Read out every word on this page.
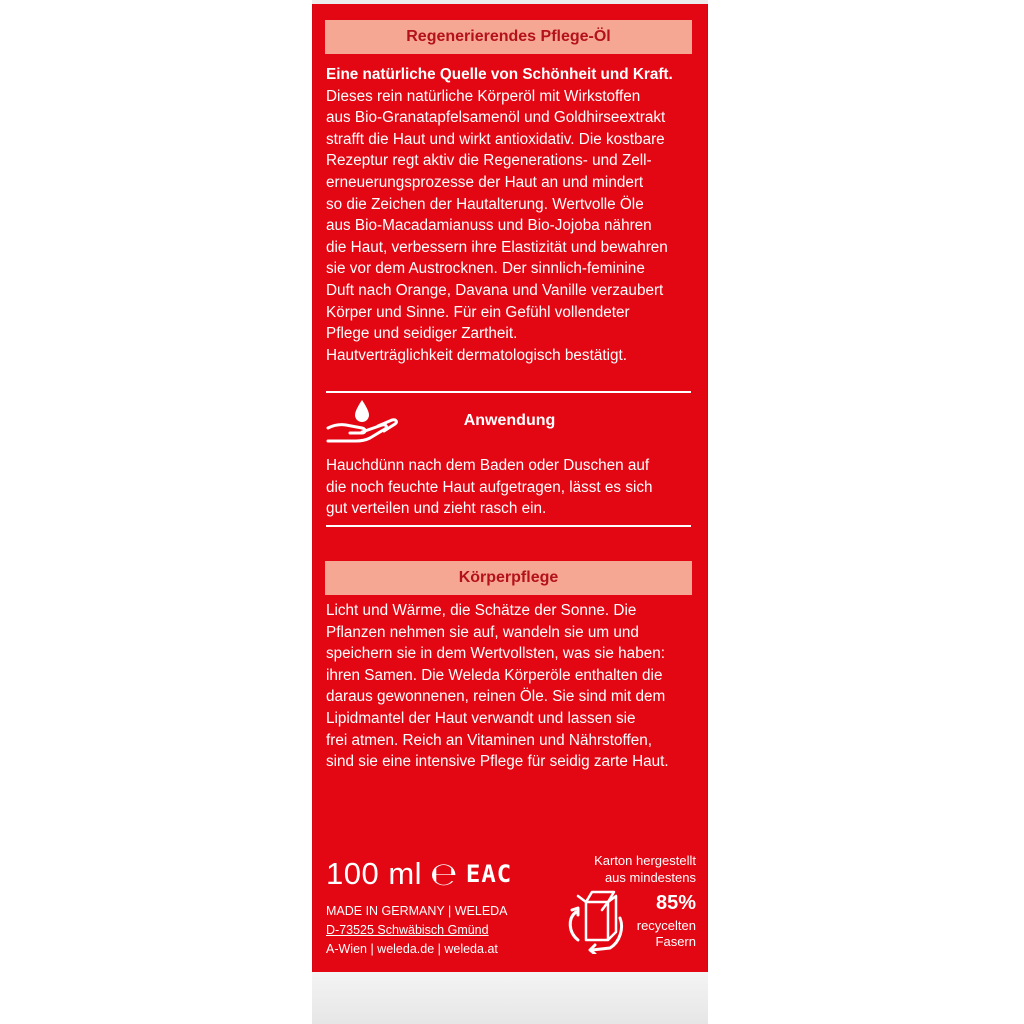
Regenerierendes Pflege-Öl
Eine natürliche Quelle von Schönheit und Kraft.
Dieses rein natürliche Körperöl mit Wirkstoffen
aus Bio-Granatapfelsamenöl und Goldhirseextrakt
strafft die Haut und wirkt antioxidativ. Die kostbare
Rezeptur regt aktiv die Regenerations- und Zell-
erneuerungsprozesse der Haut an und mindert
so die Zeichen der Hautalterung. Wertvolle Öle
aus Bio-Macadamianuss und Bio-Jojoba nähren
die Haut, verbessern ihre Elastizität und bewahren
sie vor dem Austrocknen. Der sinnlich-feminine
Duft nach Orange, Davana und Vanille verzaubert
Körper und Sinne. Für ein Gefühl vollendeter
Pflege und seidiger Zartheit.
Hautverträglichkeit dermatologisch bestätigt.
Anwendung
Hauchdünn nach dem Baden oder Duschen auf
die noch feuchte Haut aufgetragen, lässt es sich
gut verteilen und zieht rasch ein.
Körperpflege
Licht und Wärme, die Schätze der Sonne. Die
Pflanzen nehmen sie auf, wandeln sie um und
speichern sie in dem Wertvollsten, was sie haben:
ihren Samen. Die Weleda Körperöle enthalten die
daraus gewonnenen, reinen Öle. Sie sind mit dem
Lipidmantel der Haut verwandt und lassen sie
frei atmen. Reich an Vitaminen und Nährstoffen,
sind sie eine intensive Pflege für seidig zarte Haut.
100 ml ℮ EAC
MADE IN GERMANY | WELEDA
D-73525 Schwäbisch Gmünd
A-Wien | weleda.de | weleda.at
Karton hergestellt
aus mindestens
85%
recycelten
Fasern
